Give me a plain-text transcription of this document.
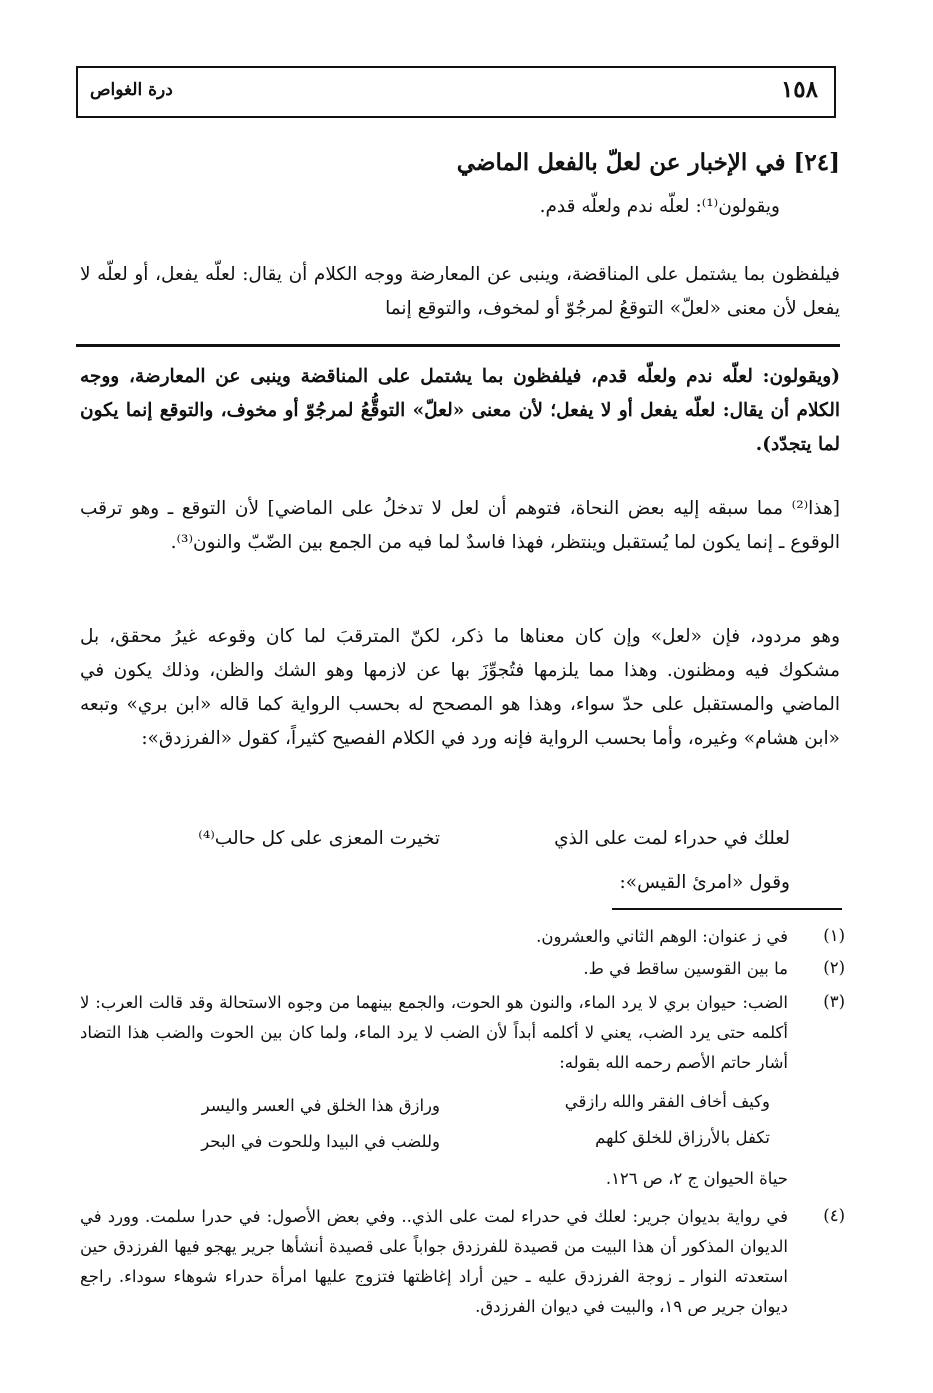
١٥٨
درة الغواص
[٢٤] في الإخبار عن لعلّ بالفعل الماضي
ويقولون⁽¹⁾: لعلّه ندم ولعلّه قدم.
فيلفظون بما يشتمل على المناقضة، وينبى عن المعارضة ووجه الكلام أن يقال: لعلّه يفعل، أو لعلّه لا يفعل لأن معنى «لعلّ» التوقعُ لمرجُوّ أو لمخوف، والتوقع إنما
(ويقولون: لعلّه ندم ولعلّه قدم، فيلفظون بما يشتمل على المناقضة وينبى عن المعارضة، ووجه الكلام أن يقال: لعلّه يفعل أو لا يفعل؛ لأن معنى «لعلّ» التوقُّعُ لمرجُوّ أو مخوف، والتوقع إنما يكون لما يتجدّد).
[هذا⁽²⁾ مما سبقه إليه بعض النحاة، فتوهم أن لعل لا تدخلُ على الماضي] لأن التوقع ـ وهو ترقب الوقوع ـ إنما يكون لما يُستقبل وينتظر، فهذا فاسدٌ لما فيه من الجمع بين الضّبّ والنون⁽³⁾.
وهو مردود، فإن «لعل» وإن كان معناها ما ذكر، لكنّ المترقبَ لما كان وقوعه غيرُ محقق، بل مشكوك فيه ومظنون. وهذا مما يلزمها فتُجوِّزَ بها عن لازمها وهو الشك والظن، وذلك يكون في الماضي والمستقبل على حدّ سواء، وهذا هو المصحح له بحسب الرواية كما قاله «ابن بري» وتبعه «ابن هشام» وغيره، وأما بحسب الرواية فإنه ورد في الكلام الفصيح كثيراً، كقول «الفرزدق»:
لعلك في حدراء لمت على الذي
تخيرت المعزى على كل حالب⁽⁴⁾
وقول «امرئ القيس»:
(١)
في ز عنوان: الوهم الثاني والعشرون.
(٢)
ما بين القوسين ساقط في ط.
(٣)
الضب: حيوان بري لا يرد الماء، والنون هو الحوت، والجمع بينهما من وجوه الاستحالة وقد قالت العرب: لا أكلمه حتى يرد الضب، يعني لا أكلمه أبداً لأن الضب لا يرد الماء، ولما كان بين الحوت والضب هذا التضاد أشار حاتم الأصم رحمه الله بقوله:
وكيف أخاف الفقر والله رازقي
ورازق هذا الخلق في العسر واليسر
تكفل بالأرزاق للخلق كلهم
وللضب في البيدا وللحوت في البحر
حياة الحيوان ج ٢، ص ١٢٦.
(٤)
في رواية بديوان جرير: لعلك في حدراء لمت على الذي.. وفي بعض الأصول: في حدرا سلمت. وورد في الديوان المذكور أن هذا البيت من قصيدة للفرزدق جواباً على قصيدة أنشأها جرير يهجو فيها الفرزدق حين استعدته النوار ـ زوجة الفرزدق عليه ـ حين أراد إغاظتها فتزوج عليها امرأة حدراء شوهاء سوداء. راجع ديوان جرير ص ١٩، والبيت في ديوان الفرزدق.
